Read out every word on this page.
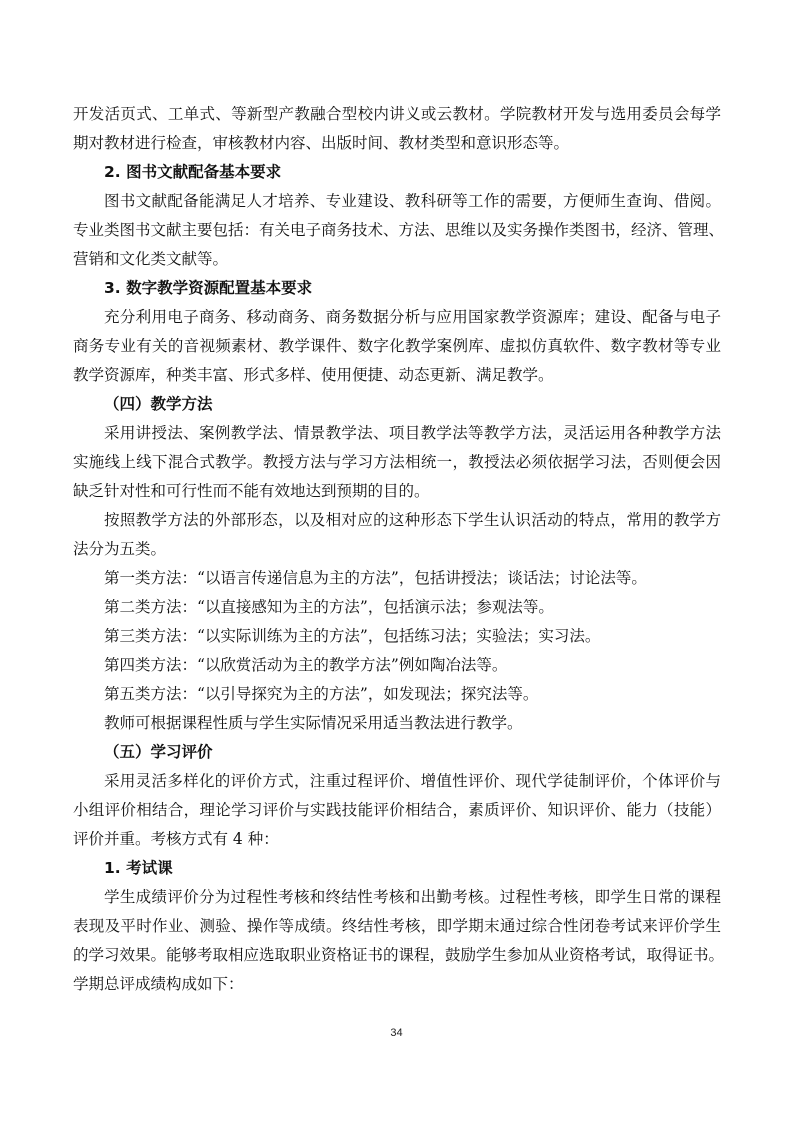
开发活页式、工单式、等新型产教融合型校内讲义或云教材。学院教材开发与选用委员会每学
期对教材进行检查，审核教材内容、出版时间、教材类型和意识形态等。
2. 图书文献配备基本要求
图书文献配备能满足人才培养、专业建设、教科研等工作的需要，方便师生查询、借阅。
专业类图书文献主要包括：有关电子商务技术、方法、思维以及实务操作类图书，经济、管理、
营销和文化类文献等。
3. 数字教学资源配置基本要求
充分利用电子商务、移动商务、商务数据分析与应用国家教学资源库；建设、配备与电子
商务专业有关的音视频素材、教学课件、数字化教学案例库、虚拟仿真软件、数字教材等专业
教学资源库，种类丰富、形式多样、使用便捷、动态更新、满足教学。
（四）教学方法
采用讲授法、案例教学法、情景教学法、项目教学法等教学方法，灵活运用各种教学方法
实施线上线下混合式教学。教授方法与学习方法相统一，教授法必须依据学习法，否则便会因
缺乏针对性和可行性而不能有效地达到预期的目的。
按照教学方法的外部形态，以及相对应的这种形态下学生认识活动的特点，常用的教学方
法分为五类。
第一类方法：“以语言传递信息为主的方法”，包括讲授法；谈话法；讨论法等。
第二类方法：“以直接感知为主的方法”，包括演示法；参观法等。
第三类方法：“以实际训练为主的方法”，包括练习法；实验法；实习法。
第四类方法：“以欣赏活动为主的教学方法”例如陶冶法等。
第五类方法：“以引导探究为主的方法”，如发现法；探究法等。
教师可根据课程性质与学生实际情况采用适当教法进行教学。
（五）学习评价
采用灵活多样化的评价方式，注重过程评价、增值性评价、现代学徒制评价，个体评价与
小组评价相结合，理论学习评价与实践技能评价相结合，素质评价、知识评价、能力（技能）
评价并重。考核方式有 4 种：
1. 考试课
学生成绩评价分为过程性考核和终结性考核和出勤考核。过程性考核，即学生日常的课程
表现及平时作业、测验、操作等成绩。终结性考核，即学期末通过综合性闭卷考试来评价学生
的学习效果。能够考取相应选取职业资格证书的课程，鼓励学生参加从业资格考试，取得证书。
学期总评成绩构成如下：
34
